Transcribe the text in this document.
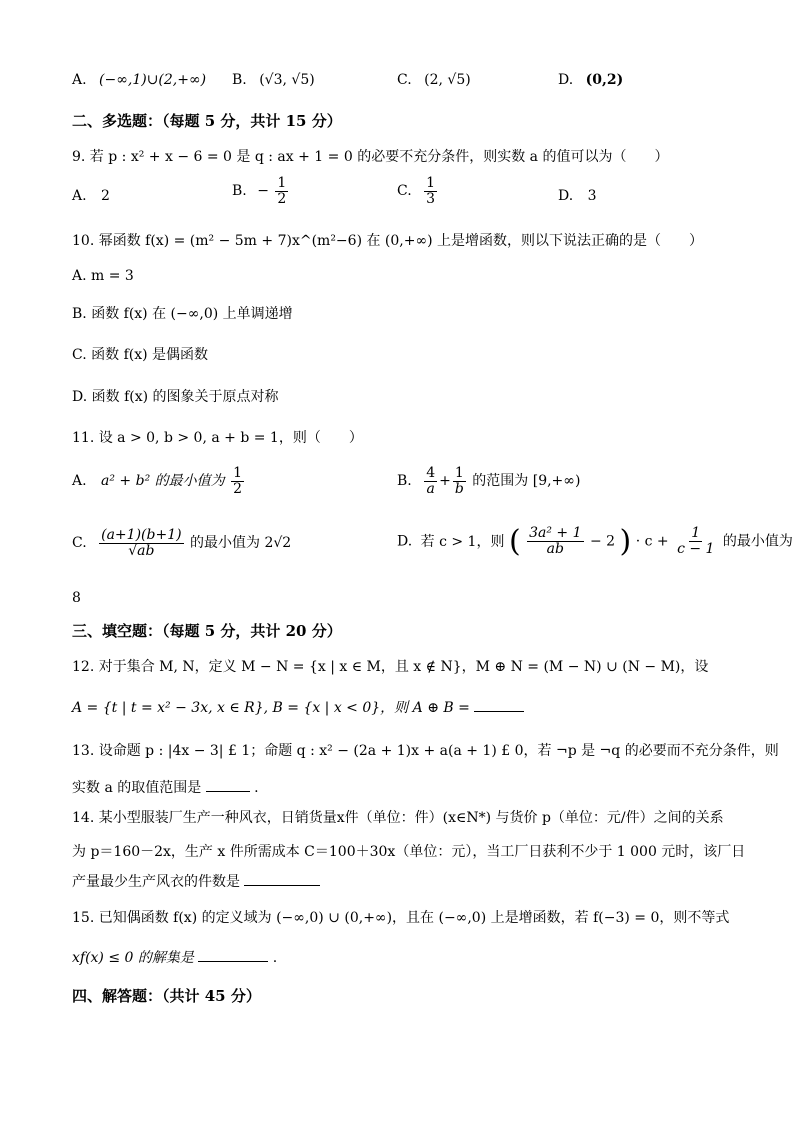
A. (−∞,1)∪(2,+∞) B. (√3, √5)	C. (2, √5)	D. (0,2)
二、多选题：（每题 5 分，共计 15 分）
9. 若 p : x² + x − 6 = 0 是 q : ax + 1 = 0 的必要不充分条件，则实数 a 的值可以为（　　）
A. 2	B. − $\frac{1}{2}$	C. $\frac{1}{3}$	D. 3
10. 幂函数 f(x) = (m² − 5m + 7)x^(m²−6) 在 (0,+∞) 上是增函数，则以下说法正确的是（　　）
A. m = 3
B. 函数 f(x) 在 (−∞,0) 上单调递增
C. 函数 f(x) 是偶函数
D. 函数 f(x) 的图象关于原点对称
11. 设 a > 0, b > 0, a + b = 1，则（　　）
A. a² + b² 的最小值为 $\frac{1}{2}$	B. $\frac{4}{a} + \frac{1}{b}$ 的范围为 [9,+∞)
C. $\frac{(a+1)(b+1)}{√ab}$ 的最小值为 2√2	D. 若 c > 1，则 ( $\frac{\text{3a² + 1}}{ab} - 2$ ) · $c + \frac{1}{c - 1}$ 的最小值为
8
三、填空题：（每题 5 分，共计 20 分）
12. 对于集合 M, N，定义 M − N = {x | x ∈ M，且 x ∉ N}，M ⊕ N = (M − N) ∪ (N − M)，设
A = {t | t = x² − 3x, x ∈ R}, B = {x | x < 0}，则 A ⊕ B =
13. 设命题 p : |4x − 3| £ 1；命题 q : x² − (2a + 1)x + a(a + 1) £ 0，若 ¬p 是 ¬q 的必要而不充分条件，则
实数 a 的取值范围是	.
14. 某小型服装厂生产一种风衣，日销货量x件（单位：件）(x∈N*) 与货价 p（单位：元/件）之间的关系
为 p＝160－2x，生产 x 件所需成本 C＝100＋30x（单位：元），当工厂日获利不少于 1 000 元时，该厂日
产量最少生产风衣的件数是
15. 已知偶函数 f(x) 的定义域为 (−∞,0) ∪ (0,+∞)，且在 (−∞,0) 上是增函数，若 f(−3) = 0，则不等式
xf(x) ≤ 0 的解集是	.
四、解答题：（共计 45 分）
